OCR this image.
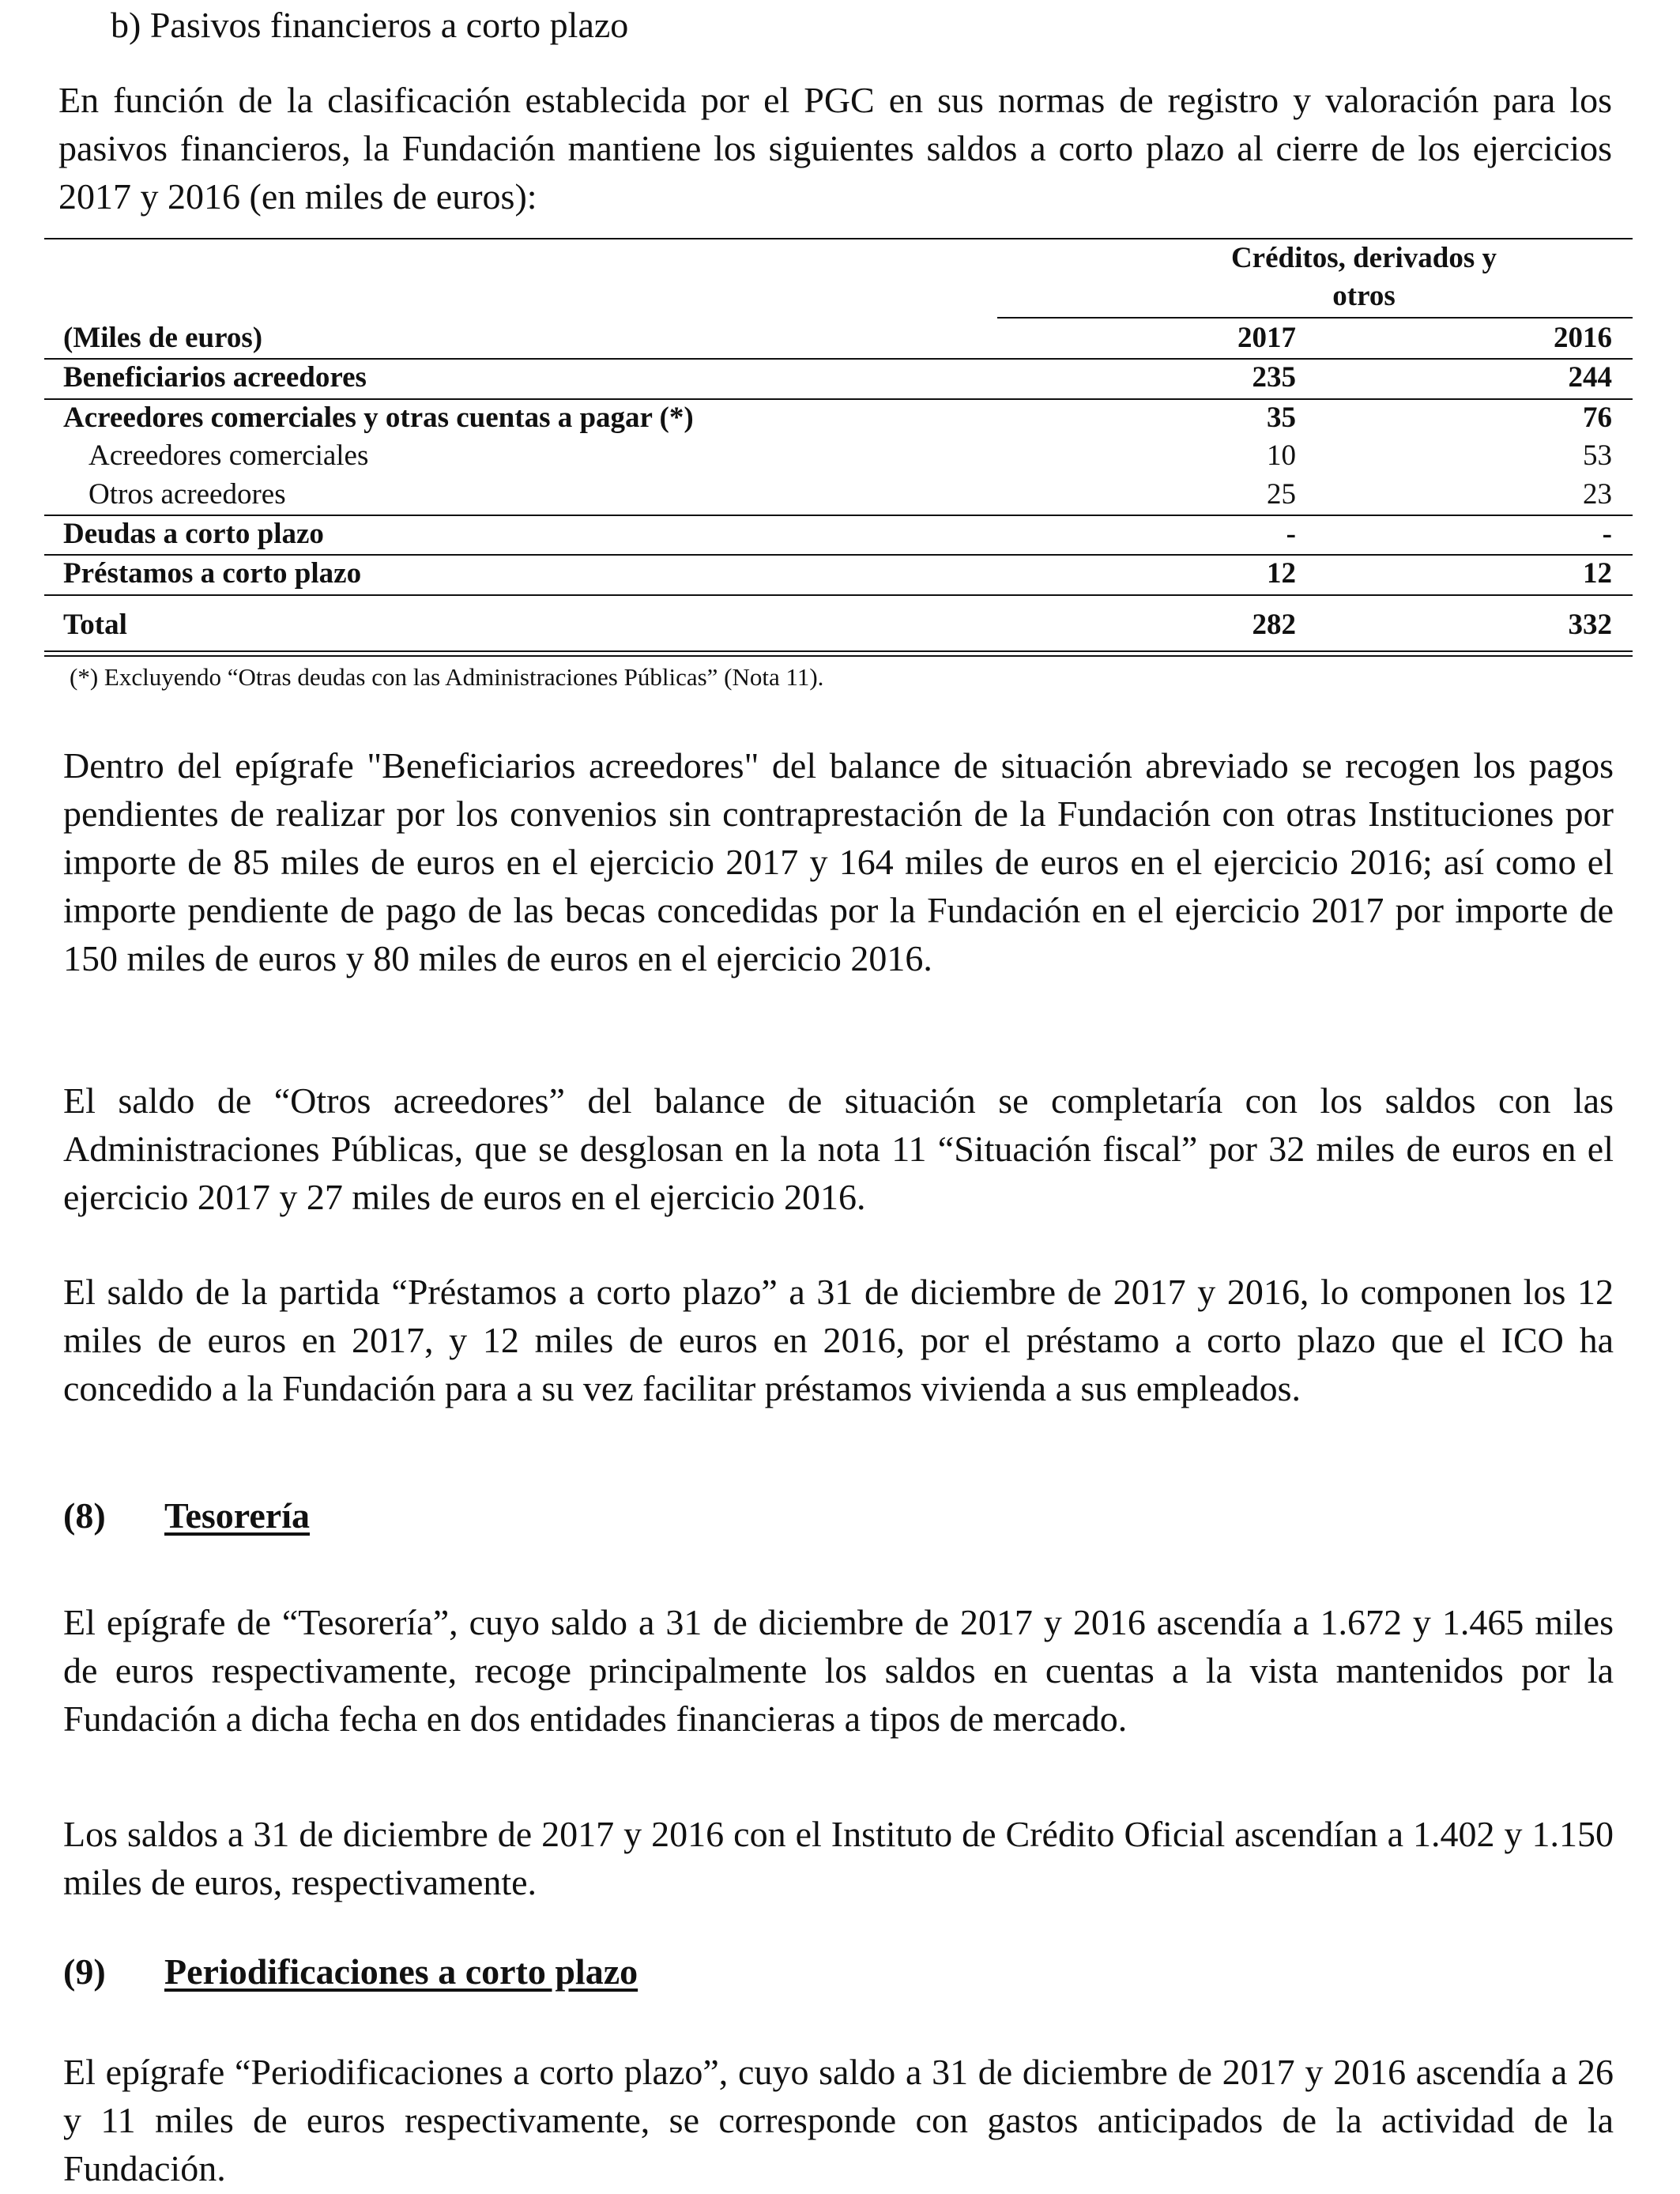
b) Pasivos financieros a corto plazo

En función de la clasificación establecida por el PGC en sus normas de registro y valoración para los pasivos financieros, la Fundación mantiene los siguientes saldos a corto plazo al cierre de los ejercicios 2017 y 2016 (en miles de euros):

Créditos, derivados y
otros
(Miles de euros)	2017	2016
Beneficiarios acreedores	235	244
Acreedores comerciales y otras cuentas a pagar (*)	35	76
Acreedores comerciales	10	53
Otros acreedores	25	23
Deudas a corto plazo	-	-
Préstamos a corto plazo	12	12
Total	282	332
(*) Excluyendo “Otras deudas con las Administraciones Públicas” (Nota 11).

Dentro del epígrafe "Beneficiarios acreedores" del balance de situación abreviado se recogen los pagos pendientes de realizar por los convenios sin contraprestación de la Fundación con otras Instituciones por importe de 85 miles de euros en el ejercicio 2017 y 164 miles de euros en el ejercicio 2016; así como el importe pendiente de pago de las becas concedidas por la Fundación en el ejercicio 2017 por importe de 150 miles de euros y 80 miles de euros en el ejercicio 2016.

El saldo de “Otros acreedores” del balance de situación se completaría con los saldos con las Administraciones Públicas, que se desglosan en la nota 11 “Situación fiscal” por 32 miles de euros en el ejercicio 2017 y 27 miles de euros en el ejercicio 2016.

El saldo de la partida “Préstamos a corto plazo” a 31 de diciembre de 2017 y 2016, lo componen los 12 miles de euros en 2017, y 12 miles de euros en 2016, por el préstamo a corto plazo que el ICO ha concedido a la Fundación para a su vez facilitar préstamos vivienda a sus empleados.

(8) Tesorería

El epígrafe de “Tesorería”, cuyo saldo a 31 de diciembre de 2017 y 2016 ascendía a 1.672 y 1.465 miles de euros respectivamente, recoge principalmente los saldos en cuentas a la vista mantenidos por la Fundación a dicha fecha en dos entidades financieras a tipos de mercado.

Los saldos a 31 de diciembre de 2017 y 2016 con el Instituto de Crédito Oficial ascendían a 1.402 y 1.150 miles de euros, respectivamente.

(9) Periodificaciones a corto plazo

El epígrafe “Periodificaciones a corto plazo”, cuyo saldo a 31 de diciembre de 2017 y 2016 ascendía a 26 y 11 miles de euros respectivamente, se corresponde con gastos anticipados de la actividad de la Fundación.
